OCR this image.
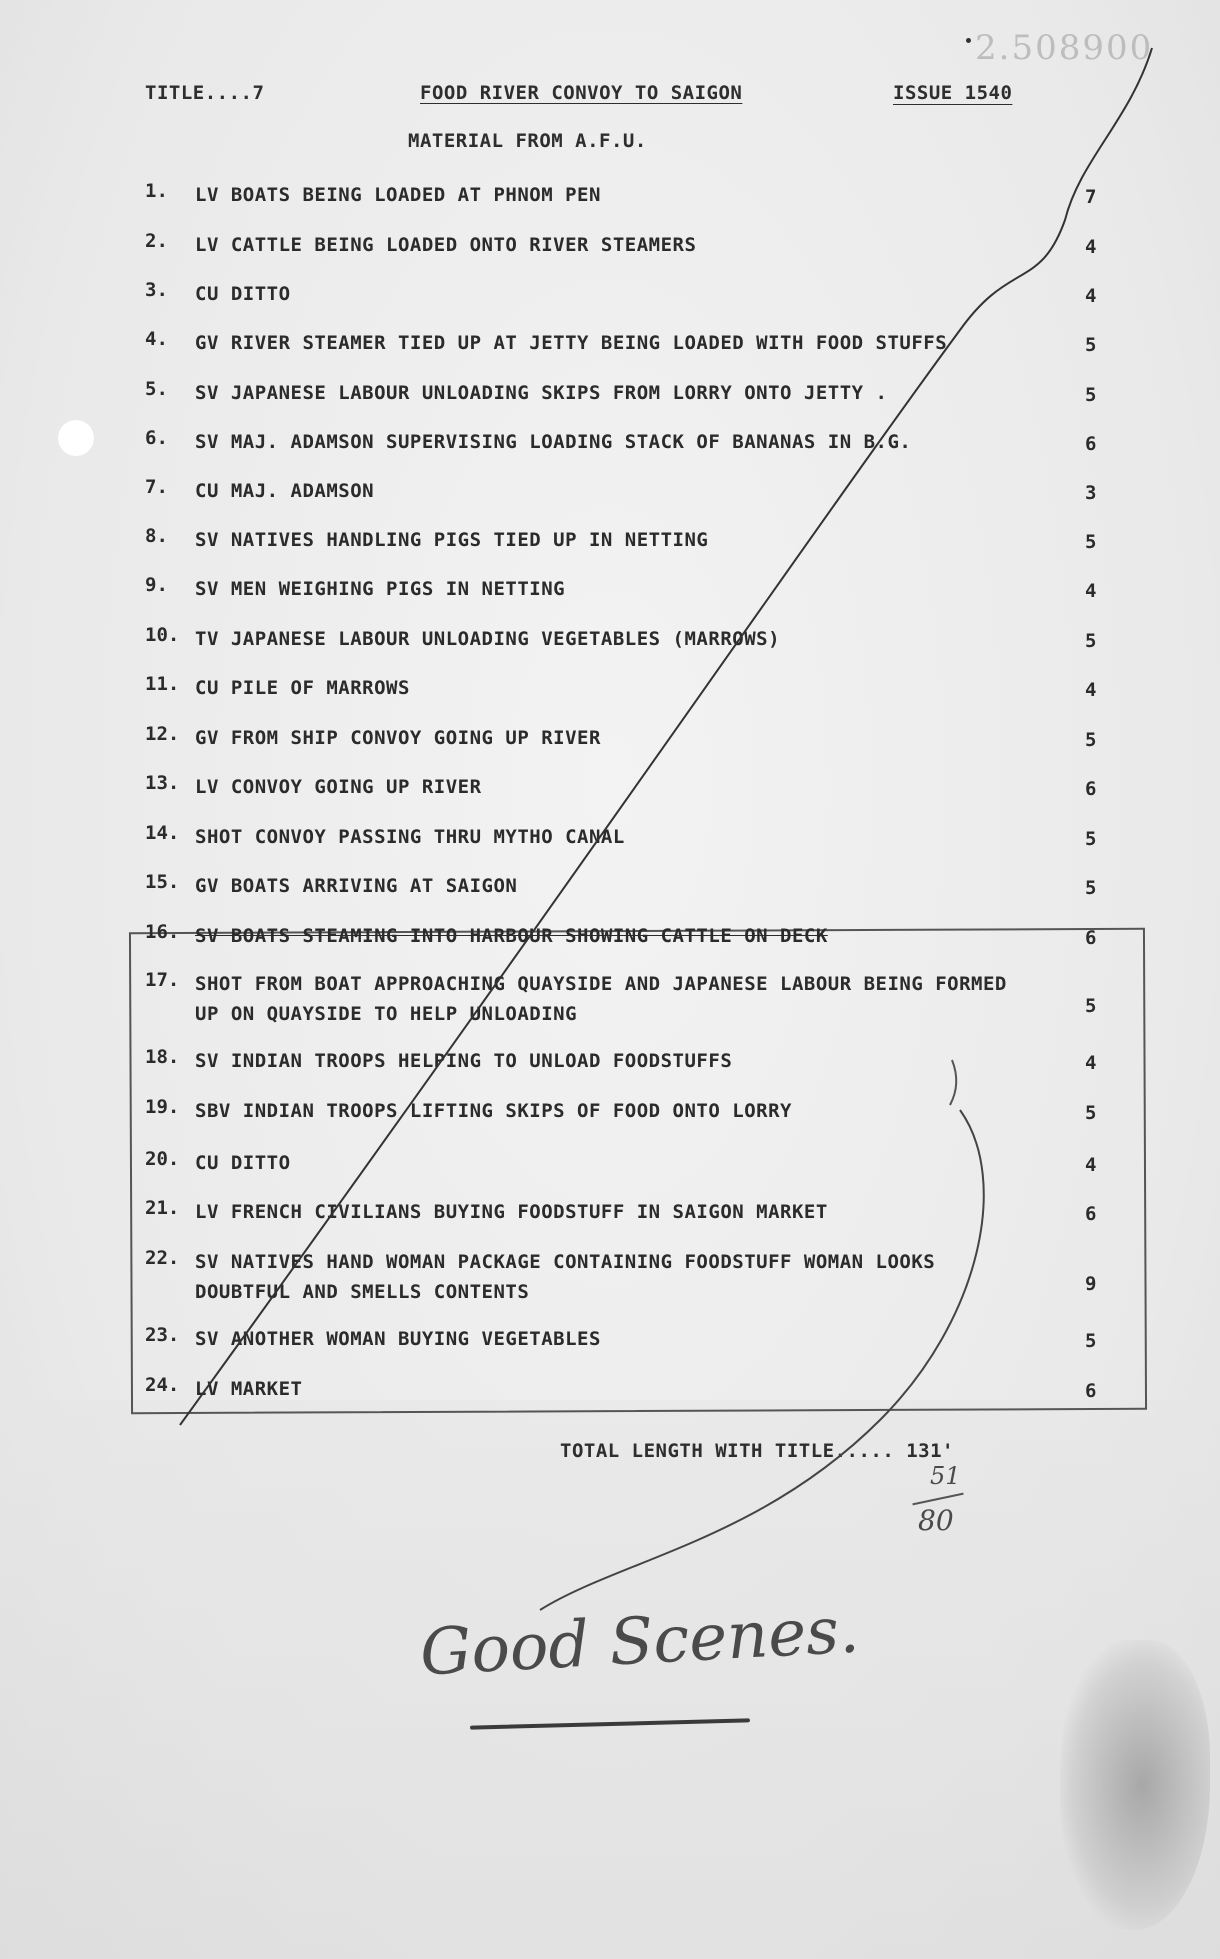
2.508900
TITLE....7	FOOD RIVER CONVOY TO SAIGON	ISSUE 1540
MATERIAL FROM A.F.U.
1.	LV BOATS BEING LOADED AT PHNOM PEN	7
2.	LV CATTLE BEING LOADED ONTO RIVER STEAMERS	4
3.	CU DITTO	4
4.	GV RIVER STEAMER TIED UP AT JETTY BEING LOADED WITH FOOD STUFFS	5
5.	SV JAPANESE LABOUR UNLOADING SKIPS FROM LORRY ONTO JETTY .	5
6.	SV MAJ. ADAMSON SUPERVISING LOADING STACK OF BANANAS IN B.G.	6
7.	CU MAJ. ADAMSON	3
8.	SV NATIVES HANDLING PIGS TIED UP IN NETTING	5
9.	SV MEN WEIGHING PIGS IN NETTING	4
10. TV JAPANESE LABOUR UNLOADING VEGETABLES (MARROWS)	5
11. CU PILE OF MARROWS	4
12. GV FROM SHIP CONVOY GOING UP RIVER	5
13. LV CONVOY GOING UP RIVER	6
14. SHOT CONVOY PASSING THRU MYTHO CANAL	5
15. GV BOATS ARRIVING AT SAIGON	5
16. SV BOATS STEAMING INTO HARBOUR SHOWING CATTLE ON DECK	6
17. SHOT FROM BOAT APPROACHING QUAYSIDE AND JAPANESE LABOUR BEING FORMED UP ON QUAYSIDE TO HELP UNLOADING	5
18. SV INDIAN TROOPS HELPING TO UNLOAD FOODSTUFFS	4
19. SBV INDIAN TROOPS LIFTING SKIPS OF FOOD ONTO LORRY	5
20. CU DITTO	4
21. LV FRENCH CIVILIANS BUYING FOODSTUFF IN SAIGON MARKET	6
22. SV NATIVES HAND WOMAN PACKAGE CONTAINING FOODSTUFF WOMAN LOOKS DOUBTFUL AND SMELLS CONTENTS	9
23. SV ANOTHER WOMAN BUYING VEGETABLES	5
24. LV MARKET	6
TOTAL LENGTH WITH TITLE..... 131'
51
80
Good Scenes.
